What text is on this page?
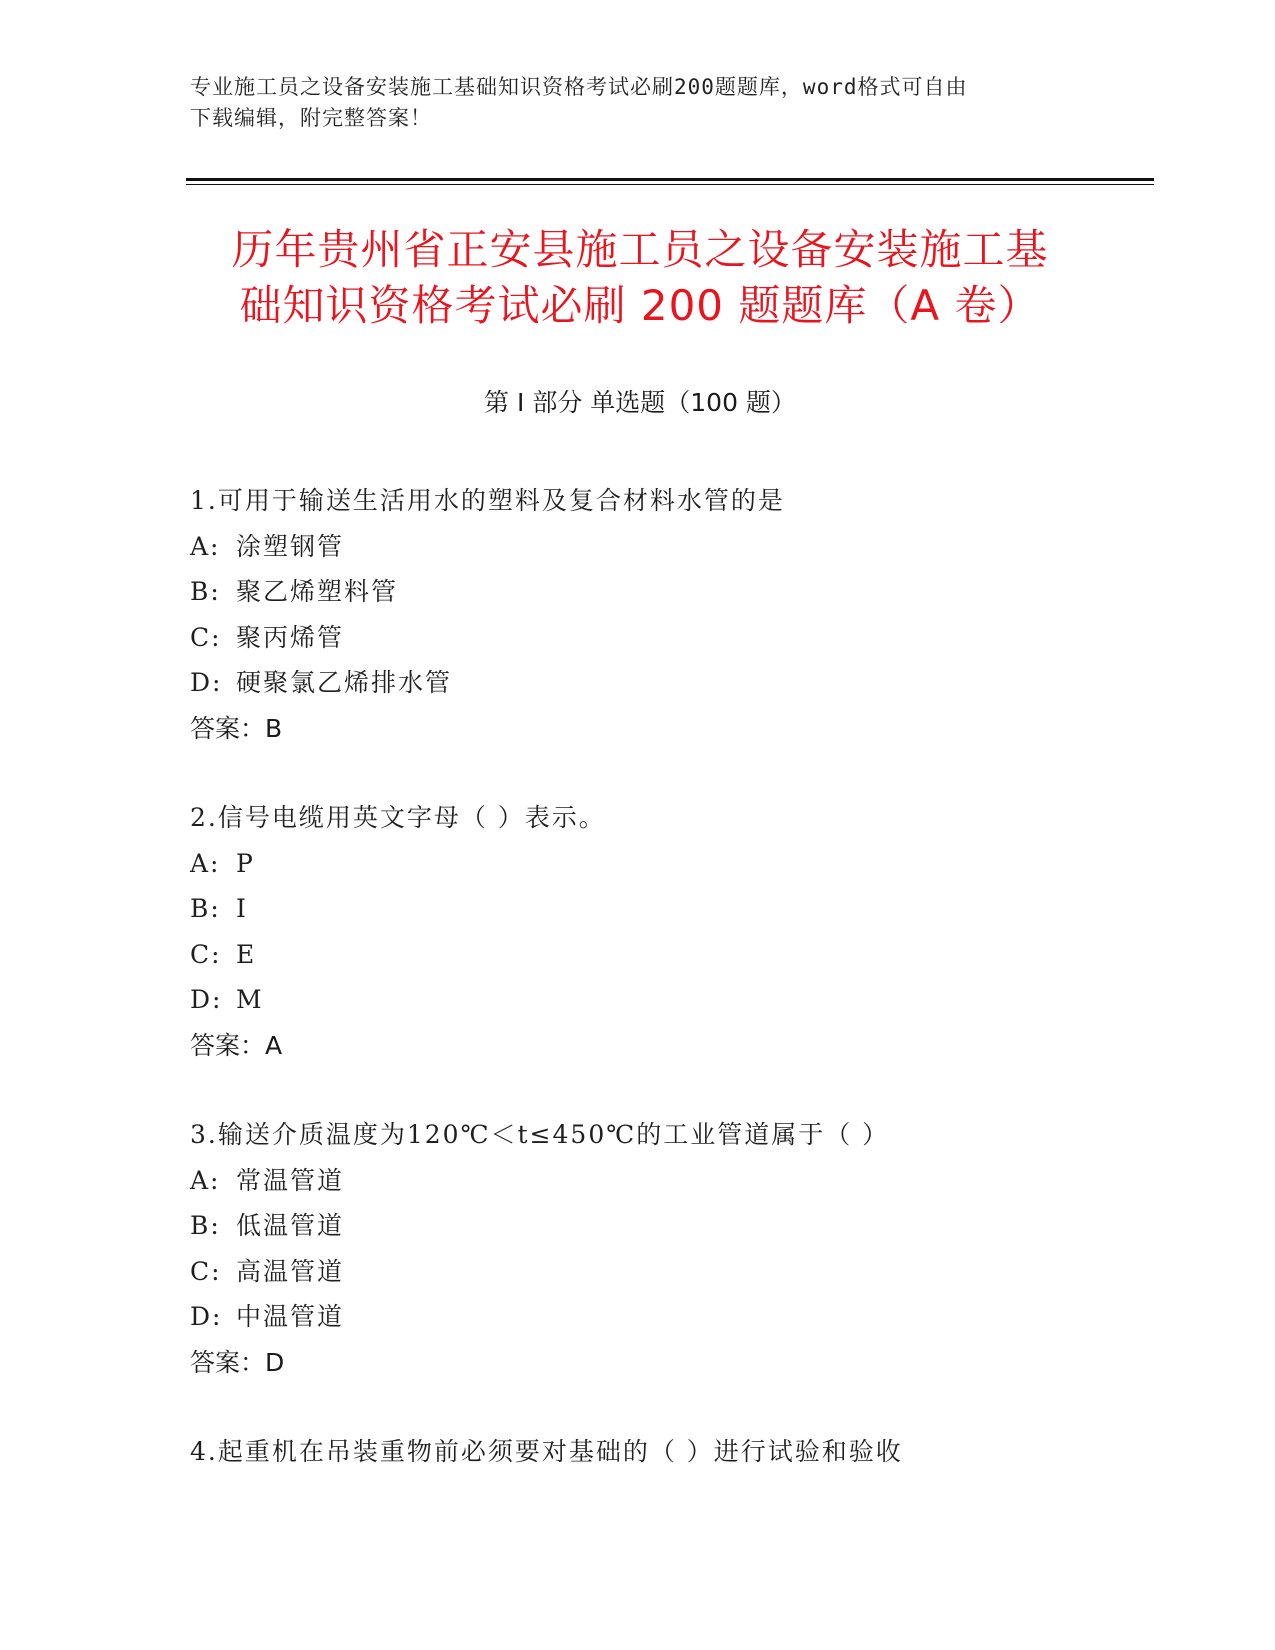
专业施工员之设备安装施工基础知识资格考试必刷200题题库，word格式可自由
下载编辑，附完整答案！
历年贵州省正安县施工员之设备安装施工基
础知识资格考试必刷 200 题题库（A 卷）
第 I 部分 单选题（100 题）
1.可用于输送生活用水的塑料及复合材料水管的是
A: 涂塑钢管
B: 聚乙烯塑料管
C: 聚丙烯管
D: 硬聚氯乙烯排水管
答案：B
2.信号电缆用英文字母（ ）表示。
A: P
B: I
C: E
D: M
答案：A
3.输送介质温度为120℃＜t≤450℃的工业管道属于（ ）
A: 常温管道
B: 低温管道
C: 高温管道
D: 中温管道
答案：D
4.起重机在吊装重物前必须要对基础的（ ）进行试验和验收
